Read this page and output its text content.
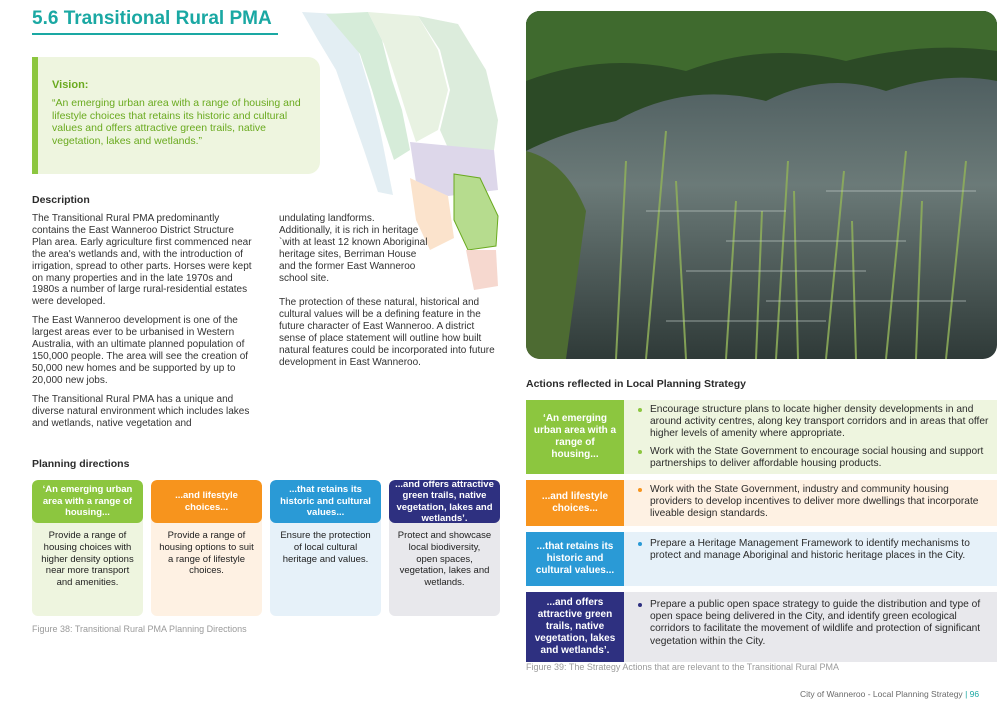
5.6 Transitional Rural PMA
Vision:
“An emerging urban area with a range of housing and lifestyle choices that retains its historic and cultural values and offers attractive green trails, native vegetation, lakes and wetlands.”
Description

The Transitional Rural PMA predominantly contains the East Wanneroo District Structure Plan area. Early agriculture first commenced near the area's wetlands and, with the introduction of irrigation, spread to other parts. Horses were kept on many properties and in the late 1970s and 1980s a number of large rural-residential estates were developed.

The East Wanneroo development is one of the largest areas ever to be urbanised in Western Australia, with an ultimate planned population of 150,000 people. The area will see the creation of 50,000 new homes and be supported by up to 20,000 new jobs.

The Transitional Rural PMA has a unique and diverse natural environment which includes lakes and wetlands, native vegetation and

undulating landforms. Additionally, it is rich in heritage `with at least 12 known Aboriginal heritage sites, Berriman House and the former East Wanneroo school site.

The protection of these natural, historical and cultural values will be a defining feature in the future character of East Wanneroo. A district sense of place statement will outline how built natural features could be incorporated into future development in East Wanneroo.

Planning directions
‘An emerging urban area with a range of housing...
Provide a range of housing choices with higher density options near more transport and amenities.
...and lifestyle choices...
Provide a range of housing options to suit a range of lifestyle choices.
...that retains its historic and cultural values...
Ensure the protection of local cultural heritage and values.
...and offers attractive green trails, native vegetation, lakes and wetlands’.
Protect and showcase local biodiversity, open spaces, vegetation, lakes and wetlands.
Figure 38: Transitional Rural PMA Planning Directions
Actions reflected in Local Planning Strategy
‘An emerging urban area with a range of housing...
Encourage structure plans to locate higher density developments in and around activity centres, along key transport corridors and in areas that offer higher levels of amenity where appropriate.
Work with the State Government to encourage social housing and support partnerships to deliver affordable housing products.
...and lifestyle choices...
Work with the State Government, industry and community housing providers to develop incentives to deliver more dwellings that incorporate liveable design standards.
...that retains its historic and cultural values...
Prepare a Heritage Management Framework to identify mechanisms to protect and manage Aboriginal and historic heritage places in the City.
...and offers attractive green trails, native vegetation, lakes and wetlands’.
Prepare a public open space strategy to guide the distribution and type of open space being delivered in the City, and identify green ecological corridors to facilitate the movement of wildlife and protection of significant vegetation within the City.
Figure 39: The Strategy Actions that are relevant to the Transitional Rural PMA
City of Wanneroo - Local Planning Strategy | 96
